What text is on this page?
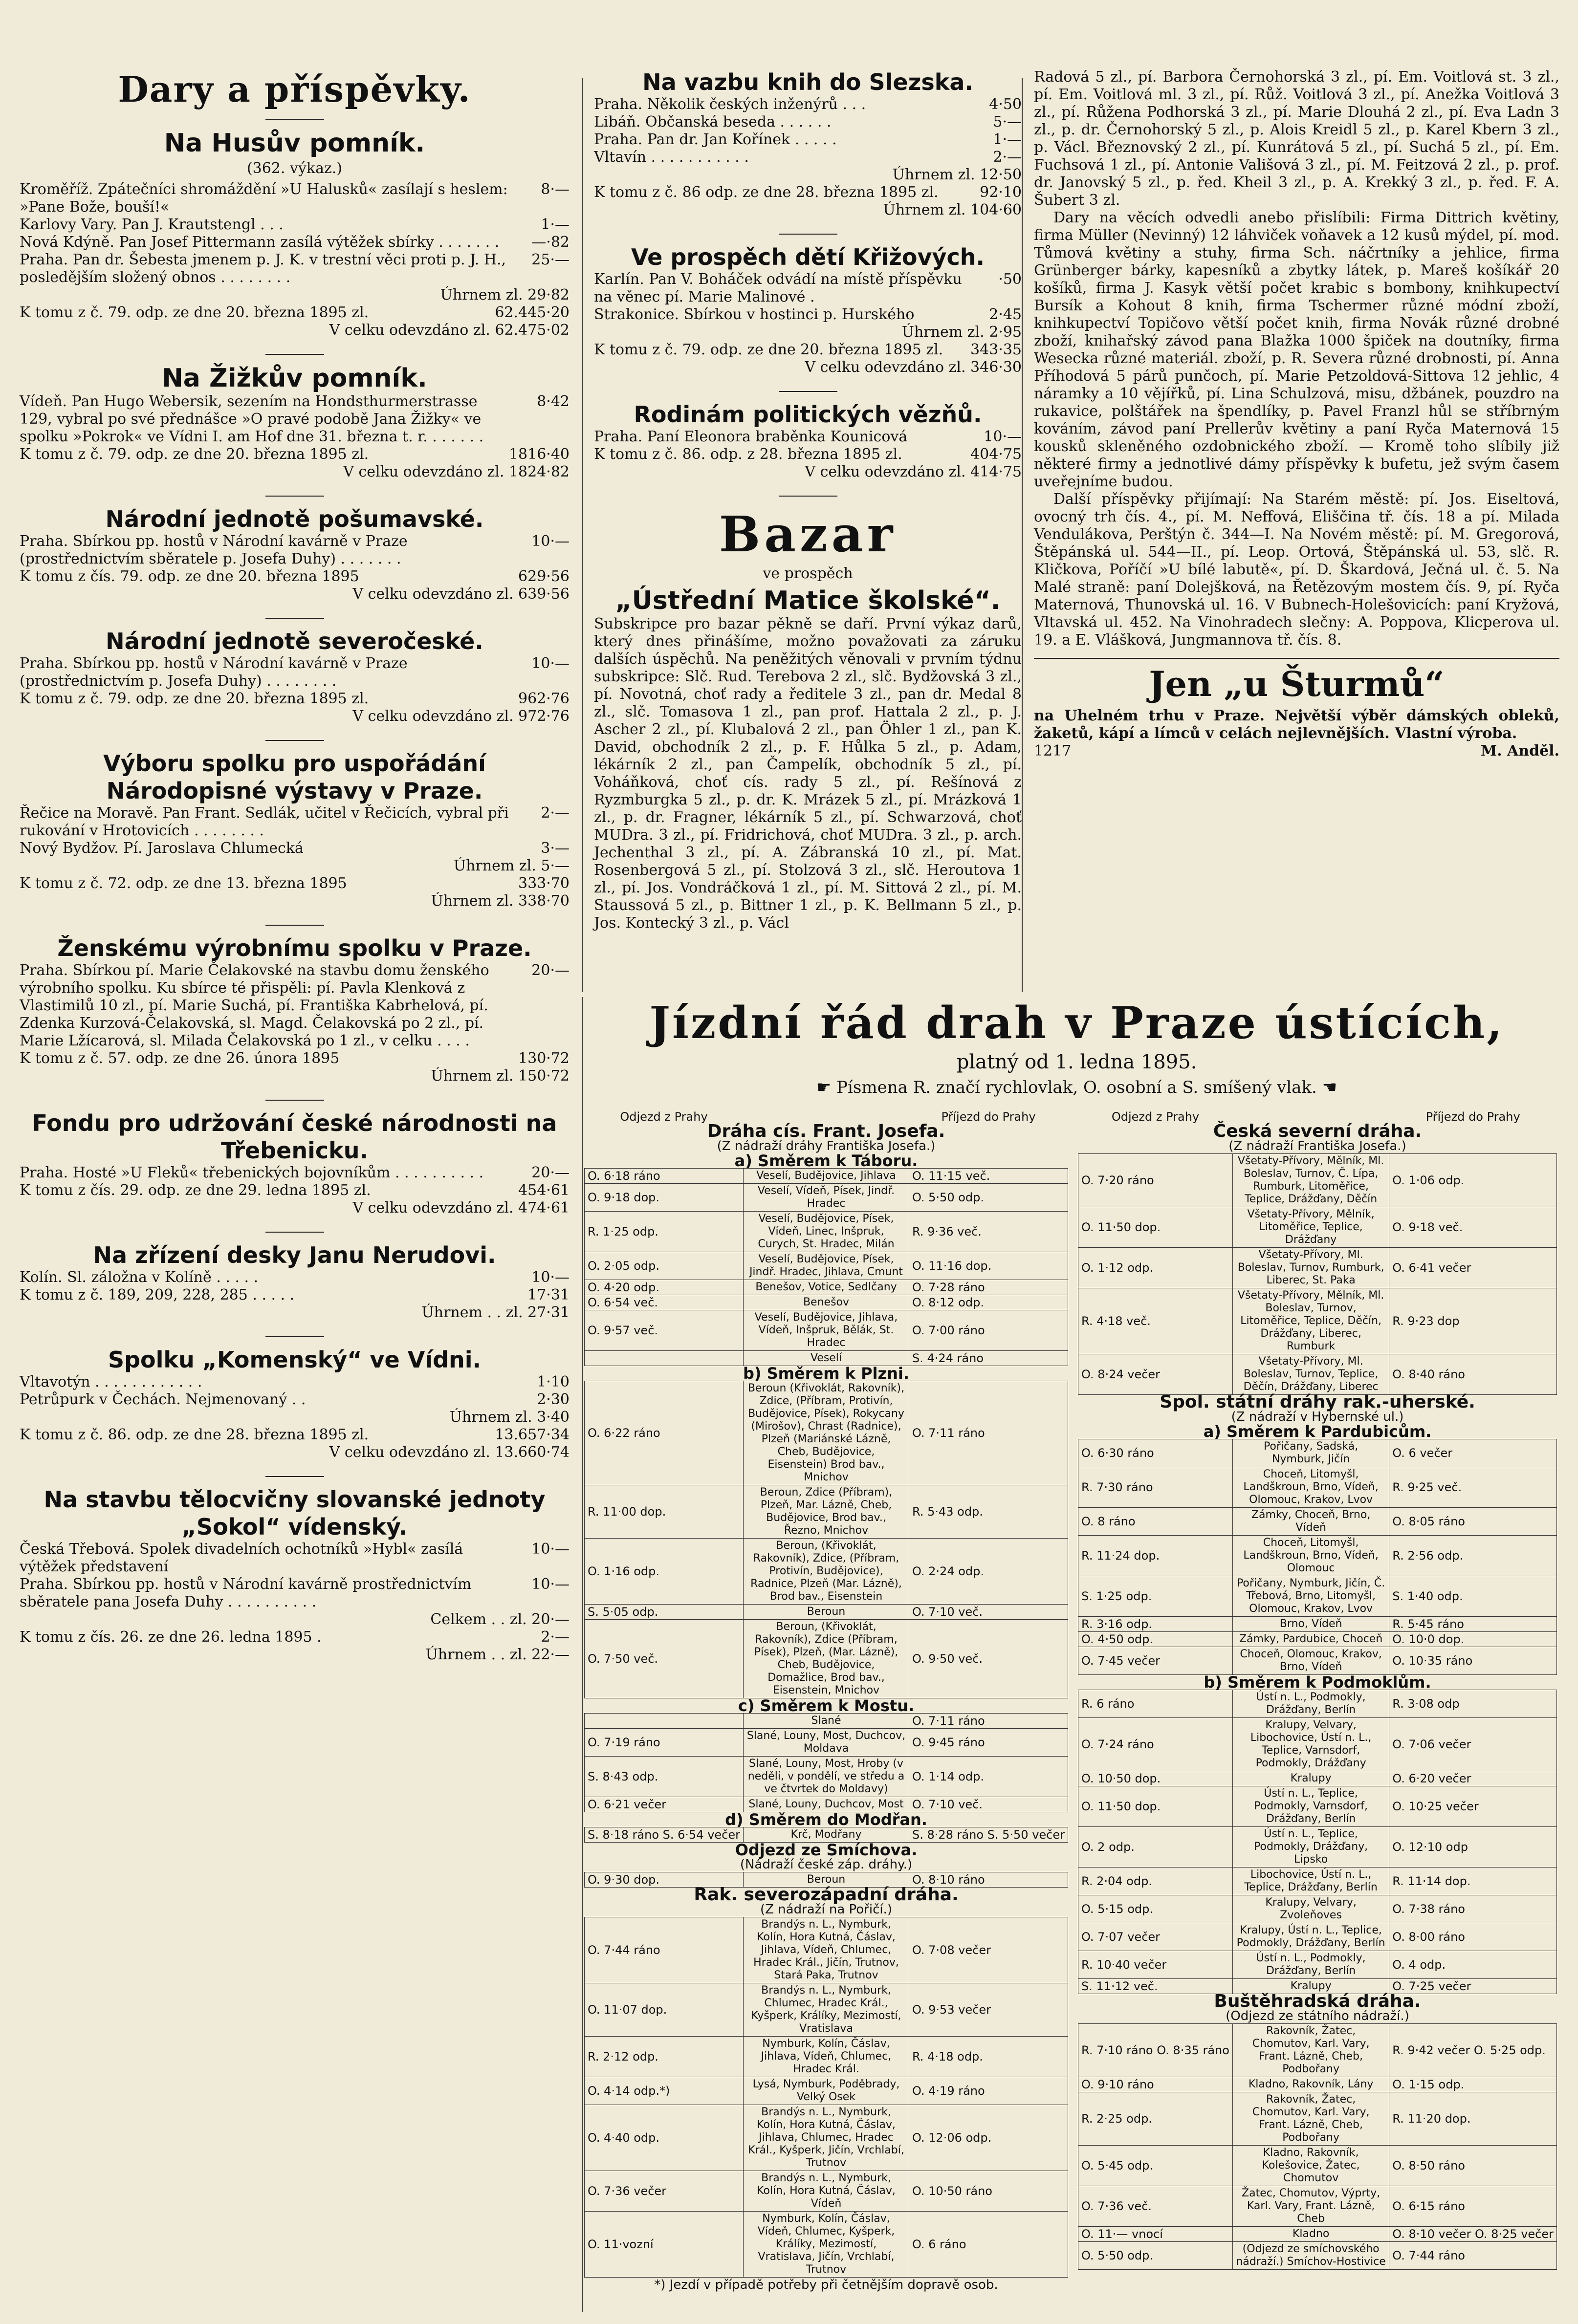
Dary a příspěvky.
Na Husův pomník.
(362. výkaz.)
Kroměříž. Zpátečníci shromáždění »U Halusků« zasílají s heslem: »Pane Bože, bouší!«
8·—
Karlovy Vary. Pan J. Krautstengl . . .	1·—
Nová Kdýně. Pan Josef Pittermann zasílá výtěžek sbírky . . . . . . .	—·82
Praha. Pan dr. Šebesta jmenem p. J. K. v trestní věci proti p. J. H., posledějším složený obnos . . . . . . . .
25·—
Úhrnem zl. 29·82
K tomu z č. 79. odp. ze dne 20. března 1895 zl.	62.445·20
V celku odevzdáno zl. 62.475·02
Na Žižkův pomník.
Vídeň. Pan Hugo Webersik, sezením na Hondsthurmerstrasse 129, vybral po své přednášce »O pravé podobě Jana Žižky« ve spolku »Pokrok« ve Vídni I. am Hof dne 31. března t. r. . . . . . .
8·42
K tomu z č. 79. odp. ze dne 20. března 1895 zl.	1816·40
V celku odevzdáno zl. 1824·82
Národní jednotě pošumavské.
Praha. Sbírkou pp. hostů v Národní kavárně v Praze (prostřednictvím sběratele p. Josefa Duhy) . . . . . . .
10·—
K tomu z čís. 79. odp. ze dne 20. března 1895	629·56
V celku odevzdáno zl. 639·56
Národní jednotě severočeské.
Praha. Sbírkou pp. hostů v Národní kavárně v Praze (prostřednictvím p. Josefa Duhy) . . . . . . . .
10·—
K tomu z č. 79. odp. ze dne 20. března 1895 zl.	962·76
V celku odevzdáno zl. 972·76
Výboru spolku pro uspořádání Národopisné výstavy v Praze.
Řečice na Moravě. Pan Frant. Sedlák, učitel v Řečicích, vybral při rukování v Hrotovicích . . . . . . . .
2·—
Nový Bydžov. Pí. Jaroslava Chlumecká	3·—
Úhrnem zl. 5·—
K tomu z č. 72. odp. ze dne 13. března 1895	333·70
Úhrnem zl. 338·70
Ženskému výrobnímu spolku v Praze.
Praha. Sbírkou pí. Marie Čelakovské na stavbu domu ženského výrobního spolku. Ku sbírce té přispěli: pí. Pavla Klenková z Vlastimilů 10 zl., pí. Marie Suchá, pí. Františka Kabrhelová, pí. Zdenka Kurzová-Čelakovská, sl. Magd. Čelakovská po 2 zl., pí. Marie Lžícarová, sl. Milada Čelakovská po 1 zl., v celku . . . .
20·—
K tomu z č. 57. odp. ze dne 26. února 1895	130·72
Úhrnem zl. 150·72
Fondu pro udržování české národnosti na Třebenicku.
Praha. Hosté »U Fleků« třebenických bojovníkům . . . . . . . . . .	20·—
K tomu z čís. 29. odp. ze dne 29. ledna 1895 zl.	454·61
V celku odevzdáno zl. 474·61
Na zřízení desky Janu Nerudovi.
Kolín. Sl. záložna v Kolíně . . . . .	10·—
K tomu z č. 189, 209, 228, 285 . . . . .	17·31
Úhrnem . . zl. 27·31
Spolku „Komenský“ ve Vídni.
Vltavotýn . . . . . . . . . . . .	1·10
Petrůpurk v Čechách. Nejmenovaný . .	2·30
Úhrnem zl. 3·40
K tomu z č. 86. odp. ze dne 28. března 1895 zl.	13.657·34
V celku odevzdáno zl. 13.660·74
Na stavbu tělocvičny slovanské jednoty „Sokol“ vídenský.
Česká Třebová. Spolek divadelních ochotníků »Hybl« zasílá výtěžek představení
10·—
Praha. Sbírkou pp. hostů v Národní kavárně prostřednictvím sběratele pana Josefa Duhy . . . . . . . . . .
10·—
Celkem . . zl. 20·—
K tomu z čís. 26. ze dne 26. ledna 1895 .	2·—
Úhrnem . . zl. 22·—
Na vazbu knih do Slezska.
Praha. Několik českých inženýrů . . .	4·50
Libáň. Občanská beseda . . . . . .	5·—
Praha. Pan dr. Jan Kořínek . . . . .	1·—
Vltavín . . . . . . . . . . .	2·—
Úhrnem zl. 12·50
K tomu z č. 86 odp. ze dne 28. března 1895 zl.	92·10
Úhrnem zl. 104·60
Ve prospěch dětí Křižových.
Karlín. Pan V. Boháček odvádí na místě příspěvku na věnec pí. Marie Malinové .
·50
Strakonice. Sbírkou v hostinci p. Hurského	2·45
Úhrnem zl. 2·95
K tomu z č. 79. odp. ze dne 20. března 1895 zl.	343·35
V celku odevzdáno zl. 346·30
Rodinám politických vězňů.
Praha. Paní Eleonora braběnka Kounicová	10·—
K tomu z č. 86. odp. z 28. března 1895 zl.	404·75
V celku odevzdáno zl. 414·75
Bazar
ve prospěch
„Ústřední Matice školské“.

Subskripce pro bazar pěkně se daří. První výkaz darů, který dnes přinášíme, možno považovati za záruku dalších úspěchů. Na peněžitých věnovali v prvním týdnu subskripce: Slč. Rud. Terebova 2 zl., slč. Bydžovská 3 zl., pí. Novotná, choť rady a ředitele 3 zl., pan dr. Medal 8 zl., slč. Tomasova 1 zl., pan prof. Hattala 2 zl., p. J. Ascher 2 zl., pí. Klubalová 2 zl., pan Öhler 1 zl., pan K. David, obchodník 2 zl., p. F. Hůlka 5 zl., p. Adam, lékárník 2 zl., pan Čampelík, obchodník 5 zl., pí. Voháňková, choť cís. rady 5 zl., pí. Rešínová z Ryzmburgka 5 zl., p. dr. K. Mrázek 5 zl., pí. Mrázková 1 zl., p. dr. Fragner, lékárník 5 zl., pí. Schwarzová, choť MUDra. 3 zl., pí. Fridrichová, choť MUDra. 3 zl., p. arch. Jechenthal 3 zl., pí. A. Zábranská 10 zl., pí. Mat. Rosenbergová 5 zl., pí. Stolzová 3 zl., slč. Heroutova 1 zl., pí. Jos. Vondráčková 1 zl., pí. M. Sittová 2 zl., pí. M. Staussová 5 zl., p. Bittner 1 zl., p. K. Bellmann 5 zl., p. Jos. Kontecký 3 zl., p. Václ

Radová 5 zl., pí. Barbora Černohorská 3 zl., pí. Em. Voitlová st. 3 zl., pí. Em. Voitlová ml. 3 zl., pí. Růž. Voitlová 3 zl., pí. Anežka Voitlová 3 zl., pí. Růžena Podhorská 3 zl., pí. Marie Dlouhá 2 zl., pí. Eva Ladn 3 zl., p. dr. Černohorský 5 zl., p. Alois Kreidl 5 zl., p. Karel Kbern 3 zl., p. Václ. Březnovský 2 zl., pí. Kunrátová 5 zl., pí. Suchá 5 zl., pí. Em. Fuchsová 1 zl., pí. Antonie Vališová 3 zl., pí. M. Feitzová 2 zl., p. prof. dr. Janovský 5 zl., p. řed. Kheil 3 zl., p. A. Krekký 3 zl., p. řed. F. A. Šubert 3 zl.

Dary na věcích odvedli anebo přislíbili: Firma Dittrich květiny, firma Müller (Nevinný) 12 láhviček voňavek a 12 kusů mýdel, pí. mod. Tůmová květiny a stuhy, firma Sch. náčrtníky a jehlice, firma Grünberger bárky, kapesníků a zbytky látek, p. Mareš košíkář 20 košíků, firma J. Kasyk větší počet krabic s bombony, knihkupectví Bursík a Kohout 8 knih, firma Tschermer různé módní zboží, knihkupectví Topičovo větší počet knih, firma Novák různé drobné zboží, knihařský závod pana Blažka 1000 špiček na doutníky, firma Wesecka různé materiál. zboží, p. R. Severa různé drobnosti, pí. Anna Příhodová 5 párů punčoch, pí. Marie Petzoldová-Sittova 12 jehlic, 4 náramky a 10 vějířků, pí. Lina Schulzová, misu, džbánek, pouzdro na rukavice, polštářek na špendlíky, p. Pavel Franzl hůl se stříbrným kováním, závod paní Prellerův květiny a paní Ryča Maternová 15 kousků skleněného ozdobnického zboží. — Kromě toho slíbily již některé firmy a jednotlivé dámy příspěvky k bufetu, jež svým časem uveřejníme budou.

Další příspěvky přijímají: Na Starém městě: pí. Jos. Eiseltová, ovocný trh čís. 4., pí. M. Neffová, Eliščina tř. čís. 18 a pí. Milada Vendulákova, Perštýn č. 344—I. Na Novém městě: pí. M. Gregorová, Štěpánská ul. 544—II., pí. Leop. Ortová, Štěpánská ul. 53, slč. R. Kličkova, Poříčí »U bílé labutě«, pí. D. Škardová, Ječná ul. č. 5. Na Malé straně: paní Dolejšková, na Řetězovým mostem čís. 9, pí. Ryča Maternová, Thunovská ul. 16. V Bubnech-Holešovicích: paní Kryžová, Vltavská ul. 452. Na Vinohradech slečny: A. Poppova, Klicperova ul. 19. a E. Vlášková, Jungmannova tř. čís. 8.

Jen „u Šturmů“

na Uhelném trhu v Praze. Největší výběr dámských obleků, žaketů, kápí a límců v celách nejlevnějších. Vlastní výroba.

1217	M. Anděl.
Jízdní řád drah v Praze ústících,
platný od 1. ledna 1895.
☛ Písmena R. značí rychlovlak, O. osobní a S. smíšený vlak. ☚
Odjezd z Prahy		Příjezd do Prahy
Dráha cís. Frant. Josefa.		
(Z nádraží dráhy Františka Josefa.)		
a) Směrem k Táboru.		
O. 6·18 ráno	Veselí, Budějovice, Jihlava	O. 11·15 več.
O. 9·18 dop.	Veselí, Vídeň, Písek, Jindř. Hradec	O. 5·50 odp.
R. 1·25 odp.	Veselí, Budějovice, Písek, Vídeň, Linec, Inšpruk, Curych, St. Hradec, Milán	R. 9·36 več.
O. 2·05 odp.	Veselí, Budějovice, Písek, Jindř. Hradec, Jihlava, Cmunt	O. 11·16 dop.
O. 4·20 odp.	Benešov, Votice, Sedlčany	O. 7·28 ráno
O. 6·54 več.	Benešov	O. 8·12 odp.
O. 9·57 več.	Veselí, Budějovice, Jihlava, Vídeň, Inšpruk, Bělák, St. Hradec	O. 7·00 ráno
	Veselí	S. 4·24 ráno
b) Směrem k Plzni.		
O. 6·22 ráno	Beroun (Křivoklát, Rakovník), Zdice, (Příbram, Protivín, Budějovice, Písek), Rokycany (Mirošov), Chrast (Radnice), Plzeň (Mariánské Lázně, Cheb, Budějovice, Eisenstein) Brod bav., Mnichov	O. 7·11 ráno
R. 11·00 dop.	Beroun, Zdice (Příbram), Plzeň, Mar. Lázně, Cheb, Budějovice, Brod bav., Řezno, Mnichov	R. 5·43 odp.
O. 1·16 odp.	Beroun, (Křivoklát, Rakovník), Zdice, (Příbram, Protivín, Budějovice), Radnice, Plzeň (Mar. Lázně), Brod bav., Eisenstein	O. 2·24 odp.
S. 5·05 odp.	Beroun	O. 7·10 več.
O. 7·50 več.	Beroun, (Křivoklát, Rakovník), Zdice (Příbram, Písek), Plzeň, (Mar. Lázně), Cheb, Budějovice, Domažlice, Brod bav., Eisenstein, Mnichov	O. 9·50 več.
c) Směrem k Mostu.		
	Slané	O. 7·11 ráno
O. 7·19 ráno	Slané, Louny, Most, Duchcov, Moldava	O. 9·45 ráno
S. 8·43 odp.	Slané, Louny, Most, Hroby (v neděli, v pondělí, ve středu a ve čtvrtek do Moldavy)	O. 1·14 odp.
O. 6·21 večer	Slané, Louny, Duchcov, Most	O. 7·10 več.
d) Směrem do Modřan.		
S. 8·18 ráno S. 6·54 večer	Krč, Modřany	S. 8·28 ráno S. 5·50 večer
Odjezd ze Smíchova.		
(Nádraží české záp. dráhy.)		
O. 9·30 dop.	Beroun	O. 8·10 ráno
Rak. severozápadní dráha.		
(Z nádraží na Pořičí.)		
O. 7·44 ráno	Brandýs n. L., Nymburk, Kolín, Hora Kutná, Čáslav, Jihlava, Vídeň, Chlumec, Hradec Král., Jičín, Trutnov, Stará Paka, Trutnov	O. 7·08 večer
O. 11·07 dop.	Brandýs n. L., Nymburk, Chlumec, Hradec Král., Kyšperk, Králíky, Mezimostí, Vratislava	O. 9·53 večer
R. 2·12 odp.	Nymburk, Kolín, Čáslav, Jihlava, Vídeň, Chlumec, Hradec Král.	R. 4·18 odp.
O. 4·14 odp.*)	Lysá, Nymburk, Poděbrady, Velký Osek	O. 4·19 ráno
O. 4·40 odp.	Brandýs n. L., Nymburk, Kolín, Hora Kutná, Čáslav, Jihlava, Chlumec, Hradec Král., Kyšperk, Jičín, Vrchlabí, Trutnov	O. 12·06 odp.
O. 7·36 večer	Brandýs n. L., Nymburk, Kolín, Hora Kutná, Čáslav, Vídeň	O. 10·50 ráno
O. 11·vozní	Nymburk, Kolín, Čáslav, Vídeň, Chlumec, Kyšperk, Králíky, Mezimostí, Vratislava, Jičín, Vrchlabí, Trutnov	O. 6 ráno
*) Jezdí v případě potřeby při četnějším dopravě osob.		
Odjezd z Prahy		Příjezd do Prahy
Česká severní dráha.		
(Z nádraží Františka Josefa.)		
O. 7·20 ráno	Všetaty-Přívory, Mělník, Ml. Boleslav, Turnov, Č. Lípa, Rumburk, Litoměřice, Teplice, Drážďany, Děčín	O. 1·06 odp.
O. 11·50 dop.	Všetaty-Přívory, Mělník, Litoměřice, Teplice, Drážďany	O. 9·18 več.
O. 1·12 odp.	Všetaty-Přívory, Ml. Boleslav, Turnov, Rumburk, Liberec, St. Paka	O. 6·41 večer
R. 4·18 več.	Všetaty-Přívory, Mělník, Ml. Boleslav, Turnov, Litoměřice, Teplice, Děčín, Drážďany, Liberec, Rumburk	R. 9·23 dop
O. 8·24 večer	Všetaty-Přívory, Ml. Boleslav, Turnov, Teplice, Děčín, Drážďany, Liberec	O. 8·40 ráno
Spol. státní dráhy rak.-uherské.		
(Z nádraží v Hybernské ul.)		
a) Směrem k Pardubicům.		
O. 6·30 ráno	Pořičany, Sadská, Nymburk, Jičín	O. 6 večer
R. 7·30 ráno	Choceň, Litomyšl, Landškroun, Brno, Vídeň, Olomouc, Krakov, Lvov	R. 9·25 več.
O. 8 ráno	Zámky, Choceň, Brno, Vídeň	O. 8·05 ráno
R. 11·24 dop.	Choceň, Litomyšl, Landškroun, Brno, Vídeň, Olomouc	R. 2·56 odp.
S. 1·25 odp.	Pořičany, Nymburk, Jičín, Č. Třebová, Brno, Litomyšl, Olomouc, Krakov, Lvov	S. 1·40 odp.
R. 3·16 odp.	Brno, Vídeň	R. 5·45 ráno
O. 4·50 odp.	Zámky, Pardubice, Choceň	O. 10·0 dop.
O. 7·45 večer	Choceň, Olomouc, Krakov, Brno, Vídeň	O. 10·35 ráno
b) Směrem k Podmoklům.		
R. 6 ráno	Ústí n. L., Podmokly, Drážďany, Berlín	R. 3·08 odp
O. 7·24 ráno	Kralupy, Velvary, Libochovice, Ústí n. L., Teplice, Varnsdorf, Podmokly, Drážďany	O. 7·06 večer
O. 10·50 dop.	Kralupy	O. 6·20 večer
O. 11·50 dop.	Ústí n. L., Teplice, Podmokly, Varnsdorf, Drážďany, Berlín	O. 10·25 večer
O. 2 odp.	Ústí n. L., Teplice, Podmokly, Drážďany, Lipsko	O. 12·10 odp
R. 2·04 odp.	Libochovice, Ústí n. L., Teplice, Drážďany, Berlín	R. 11·14 dop.
O. 5·15 odp.	Kralupy, Velvary, Zvoleňoves	O. 7·38 ráno
O. 7·07 večer	Kralupy, Ústí n. L., Teplice, Podmokly, Drážďany, Berlín	O. 8·00 ráno
R. 10·40 večer	Ústí n. L., Podmokly, Drážďany, Berlín	O. 4 odp.
S. 11·12 več.	Kralupy	O. 7·25 večer
Buštěhradská dráha.		
(Odjezd ze státního nádraží.)		
R. 7·10 ráno O. 8·35 ráno	Rakovník, Žatec, Chomutov, Karl. Vary, Frant. Lázně, Cheb, Podbořany	R. 9·42 večer O. 5·25 odp.
O. 9·10 ráno	Kladno, Rakovník, Lány	O. 1·15 odp.
R. 2·25 odp.	Rakovník, Žatec, Chomutov, Karl. Vary, Frant. Lázně, Cheb, Podbořany	R. 11·20 dop.
O. 5·45 odp.	Kladno, Rakovník, Kolešovice, Žatec, Chomutov	O. 8·50 ráno
O. 7·36 več.	Žatec, Chomutov, Výprty, Karl. Vary, Frant. Lázně, Cheb	O. 6·15 ráno
O. 11·— vnocí	Kladno	O. 8·10 večer O. 8·25 večer
O. 5·50 odp.	(Odjezd ze smíchovského nádraží.) Smíchov-Hostivice	O. 7·44 ráno
